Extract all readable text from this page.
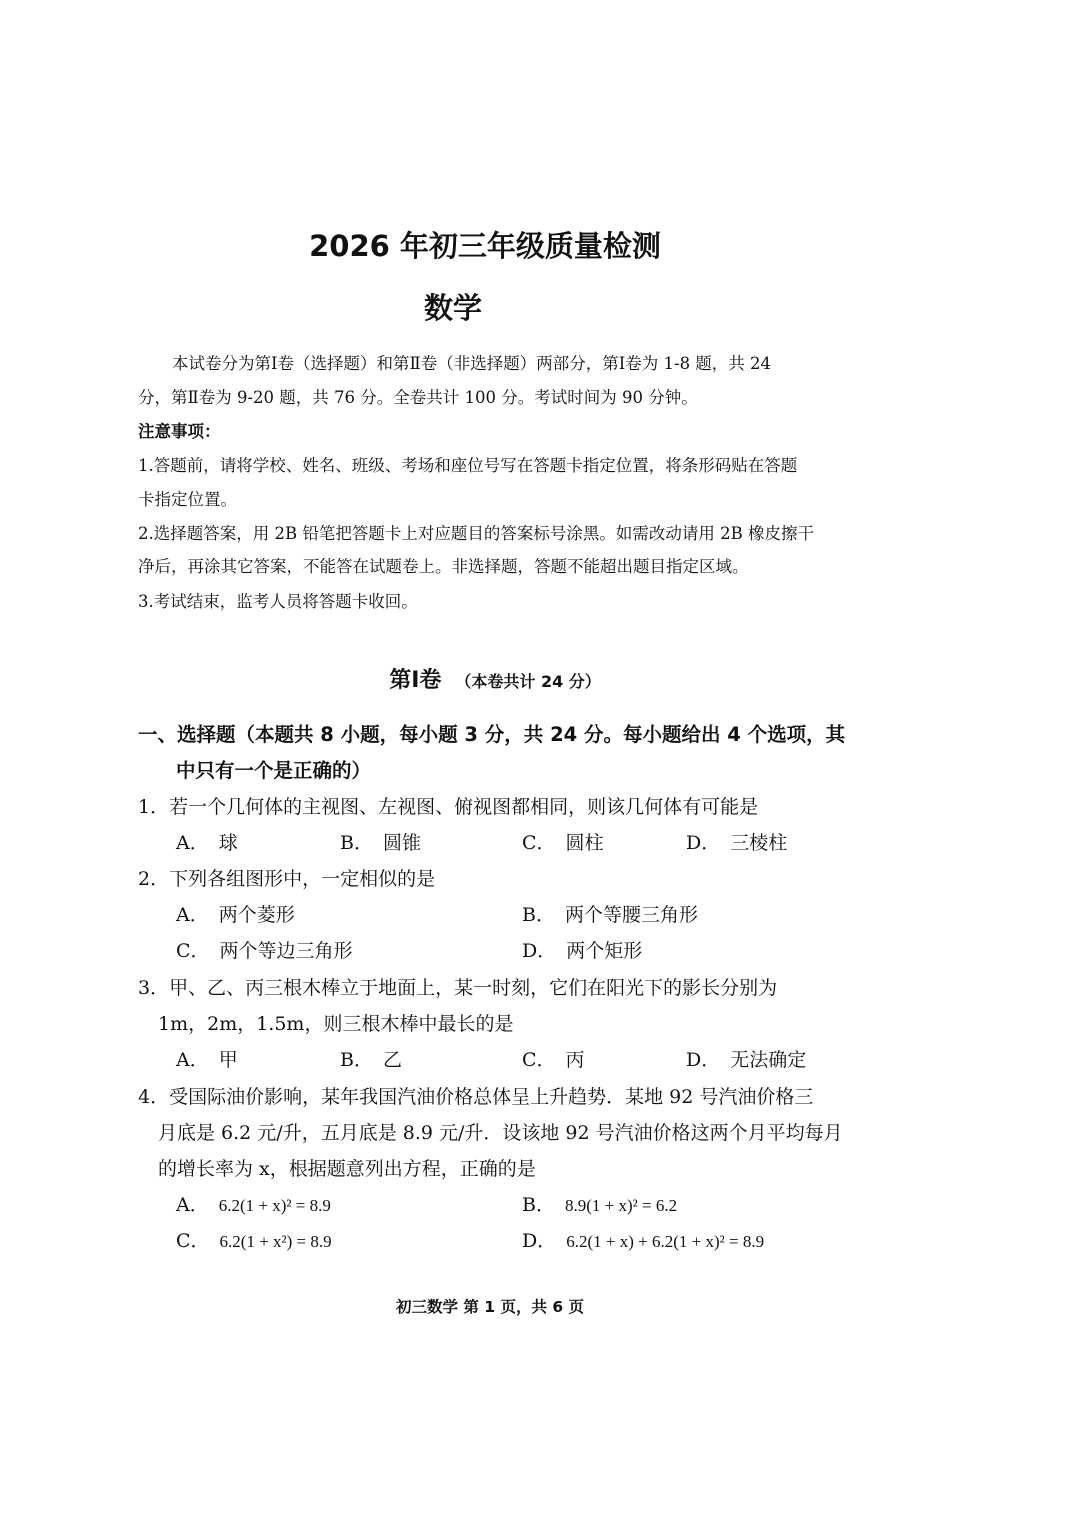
2026 年初三年级质量检测
数学
本试卷分为第Ⅰ卷（选择题）和第Ⅱ卷（非选择题）两部分，第Ⅰ卷为 1-8 题，共 24
分，第Ⅱ卷为 9-20 题，共 76 分。全卷共计 100 分。考试时间为 90 分钟。
注意事项：
1.答题前，请将学校、姓名、班级、考场和座位号写在答题卡指定位置，将条形码贴在答题
卡指定位置。
2.选择题答案，用 2B 铅笔把答题卡上对应题目的答案标号涂黑。如需改动请用 2B 橡皮擦干
净后，再涂其它答案，不能答在试题卷上。非选择题，答题不能超出题目指定区域。
3.考试结束，监考人员将答题卡收回。
第Ⅰ卷 （本卷共计 24 分）
一、选择题（本题共 8 小题，每小题 3 分，共 24 分。每小题给出 4 个选项，其
中只有一个是正确的）
1．若一个几何体的主视图、左视图、俯视图都相同，则该几何体有可能是
A． 球	B． 圆锥	C． 圆柱	D． 三棱柱
2．下列各组图形中，一定相似的是
A． 两个菱形	B． 两个等腰三角形
C． 两个等边三角形	D． 两个矩形
3．甲、乙、丙三根木棒立于地面上，某一时刻，它们在阳光下的影长分别为
1m，2m，1.5m，则三根木棒中最长的是
A． 甲	B． 乙	C． 丙	D． 无法确定
4．受国际油价影响，某年我国汽油价格总体呈上升趋势．某地 92 号汽油价格三
月底是 6.2 元/升，五月底是 8.9 元/升．设该地 92 号汽油价格这两个月平均每月
的增长率为 x，根据题意列出方程，正确的是
A． 6.2(1 + x)² = 8.9	B． 8.9(1 + x)² = 6.2
C． 6.2(1 + x²) = 8.9	D． 6.2(1 + x) + 6.2(1 + x)² = 8.9
初三数学 第 1 页，共 6 页
